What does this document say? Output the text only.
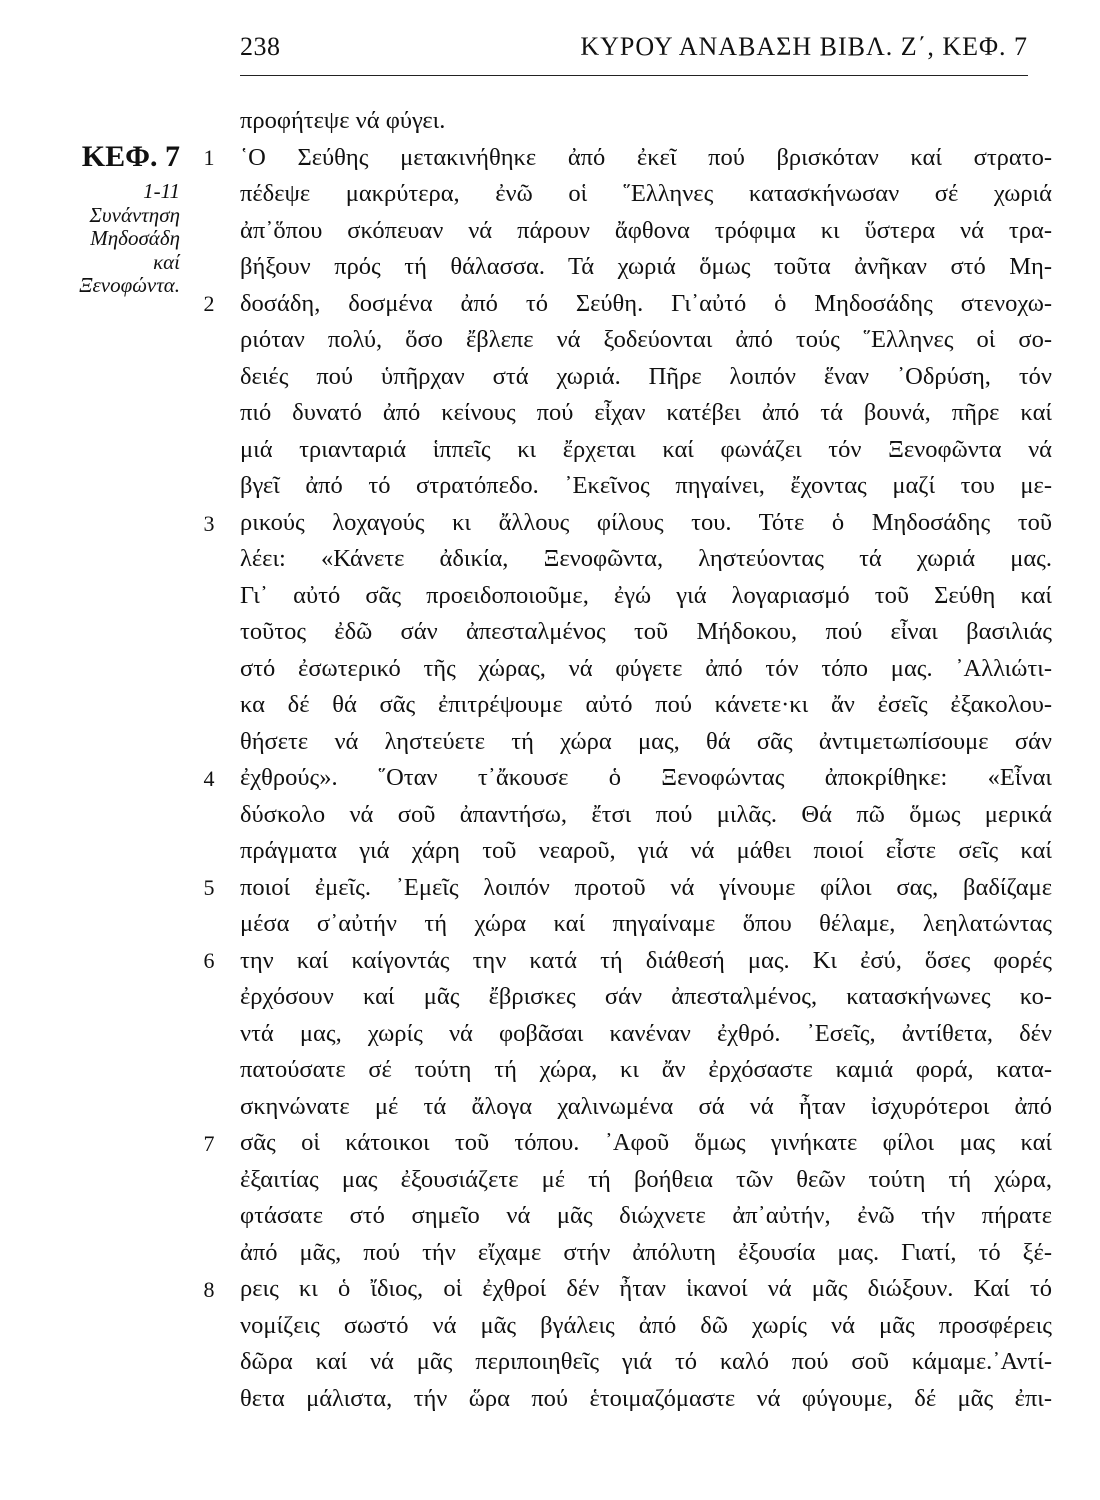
238	ΚΥΡΟΥ ΑΝΑΒΑΣΗ ΒΙΒΛ. Ζ΄, ΚΕΦ. 7
ΚΕΦ. 7
1-11
Συνάντηση
Μηδοσάδη
καί
Ξενοφώντα.
1
2
3
4
5
6
7
8
προφήτεψε νά φύγει.
῾Ο Σεύθης μετακινήθηκε ἀπό ἐκεῖ πού βρισκόταν καί στρατο-
πέδεψε μακρύτερα, ἐνῶ οἱ ῞Ελληνες κατασκήνωσαν σέ χωριά
ἀπ᾿ὅπου σκόπευαν νά πάρουν ἄφθονα τρόφιμα κι ὕστερα νά τρα-
βήξουν πρός τή θάλασσα. Τά χωριά ὅμως τοῦτα ἀνῆκαν στό Μη-
δοσάδη, δοσμένα ἀπό τό Σεύθη. Γι᾿αὐτό ὁ Μηδοσάδης στενοχω-
ριόταν πολύ, ὅσο ἔβλεπε νά ξοδεύονται ἀπό τούς ῞Ελληνες οἱ σο-
δειές πού ὑπῆρχαν στά χωριά. Πῆρε λοιπόν ἕναν ᾿Οδρύση, τόν
πιό δυνατό ἀπό κείνους πού εἶχαν κατέβει ἀπό τά βουνά, πῆρε καί
μιά τριανταριά ἱππεῖς κι ἔρχεται καί φωνάζει τόν Ξενοφῶντα νά
βγεῖ ἀπό τό στρατόπεδο. ᾿Εκεῖνος πηγαίνει, ἔχοντας μαζί του με-
ρικούς λοχαγούς κι ἄλλους φίλους του. Τότε ὁ Μηδοσάδης τοῦ
λέει: «Κάνετε ἀδικία, Ξενοφῶντα, ληστεύοντας τά χωριά μας.
Γι᾿ αὐτό σᾶς προειδοποιοῦμε, ἐγώ γιά λογαριασμό τοῦ Σεύθη καί
τοῦτος ἐδῶ σάν ἀπεσταλμένος τοῦ Μήδοκου, πού εἶναι βασιλιάς
στό ἐσωτερικό τῆς χώρας, νά φύγετε ἀπό τόν τόπο μας. ᾿Αλλιώτι-
κα δέ θά σᾶς ἐπιτρέψουμε αὐτό πού κάνετε·κι ἄν ἐσεῖς ἐξακολου-
θήσετε νά ληστεύετε τή χώρα μας, θά σᾶς ἀντιμετωπίσουμε σάν
ἐχθρούς». ῞Οταν τ᾿ἄκουσε ὁ Ξενοφώντας ἀποκρίθηκε: «Εἶναι
δύσκολο νά σοῦ ἀπαντήσω, ἔτσι πού μιλᾶς. Θά πῶ ὅμως μερικά
πράγματα γιά χάρη τοῦ νεαροῦ, γιά νά μάθει ποιοί εἶστε σεῖς καί
ποιοί ἐμεῖς. ᾿Εμεῖς λοιπόν προτοῦ νά γίνουμε φίλοι σας, βαδίζαμε
μέσα σ᾿αὐτήν τή χώρα καί πηγαίναμε ὅπου θέλαμε, λεηλατώντας
την καί καίγοντάς την κατά τή διάθεσή μας. Κι ἐσύ, ὅσες φορές
ἐρχόσουν καί μᾶς ἔβρισκες σάν ἀπεσταλμένος, κατασκήνωνες κο-
ντά μας, χωρίς νά φοβᾶσαι κανέναν ἐχθρό. ᾿Εσεῖς, ἀντίθετα, δέν
πατούσατε σέ τούτη τή χώρα, κι ἄν ἐρχόσαστε καμιά φορά, κατα-
σκηνώνατε μέ τά ἄλογα χαλινωμένα σά νά ἦταν ἰσχυρότεροι ἀπό
σᾶς οἱ κάτοικοι τοῦ τόπου. ᾿Αφοῦ ὅμως γινήκατε φίλοι μας καί
ἐξαιτίας μας ἐξουσιάζετε μέ τή βοήθεια τῶν θεῶν τούτη τή χώρα,
φτάσατε στό σημεῖο νά μᾶς διώχνετε ἀπ᾿αὐτήν, ἐνῶ τήν πήρατε
ἀπό μᾶς, πού τήν εἴχαμε στήν ἀπόλυτη ἐξουσία μας. Γιατί, τό ξέ-
ρεις κι ὁ ἴδιος, οἱ ἐχθροί δέν ἦταν ἱκανοί νά μᾶς διώξουν. Καί τό
νομίζεις σωστό νά μᾶς βγάλεις ἀπό δῶ χωρίς νά μᾶς προσφέρεις
δῶρα καί νά μᾶς περιποιηθεῖς γιά τό καλό πού σοῦ κάμαμε.᾿Αντί-
θετα μάλιστα, τήν ὥρα πού ἑτοιμαζόμαστε νά φύγουμε, δέ μᾶς ἐπι-
